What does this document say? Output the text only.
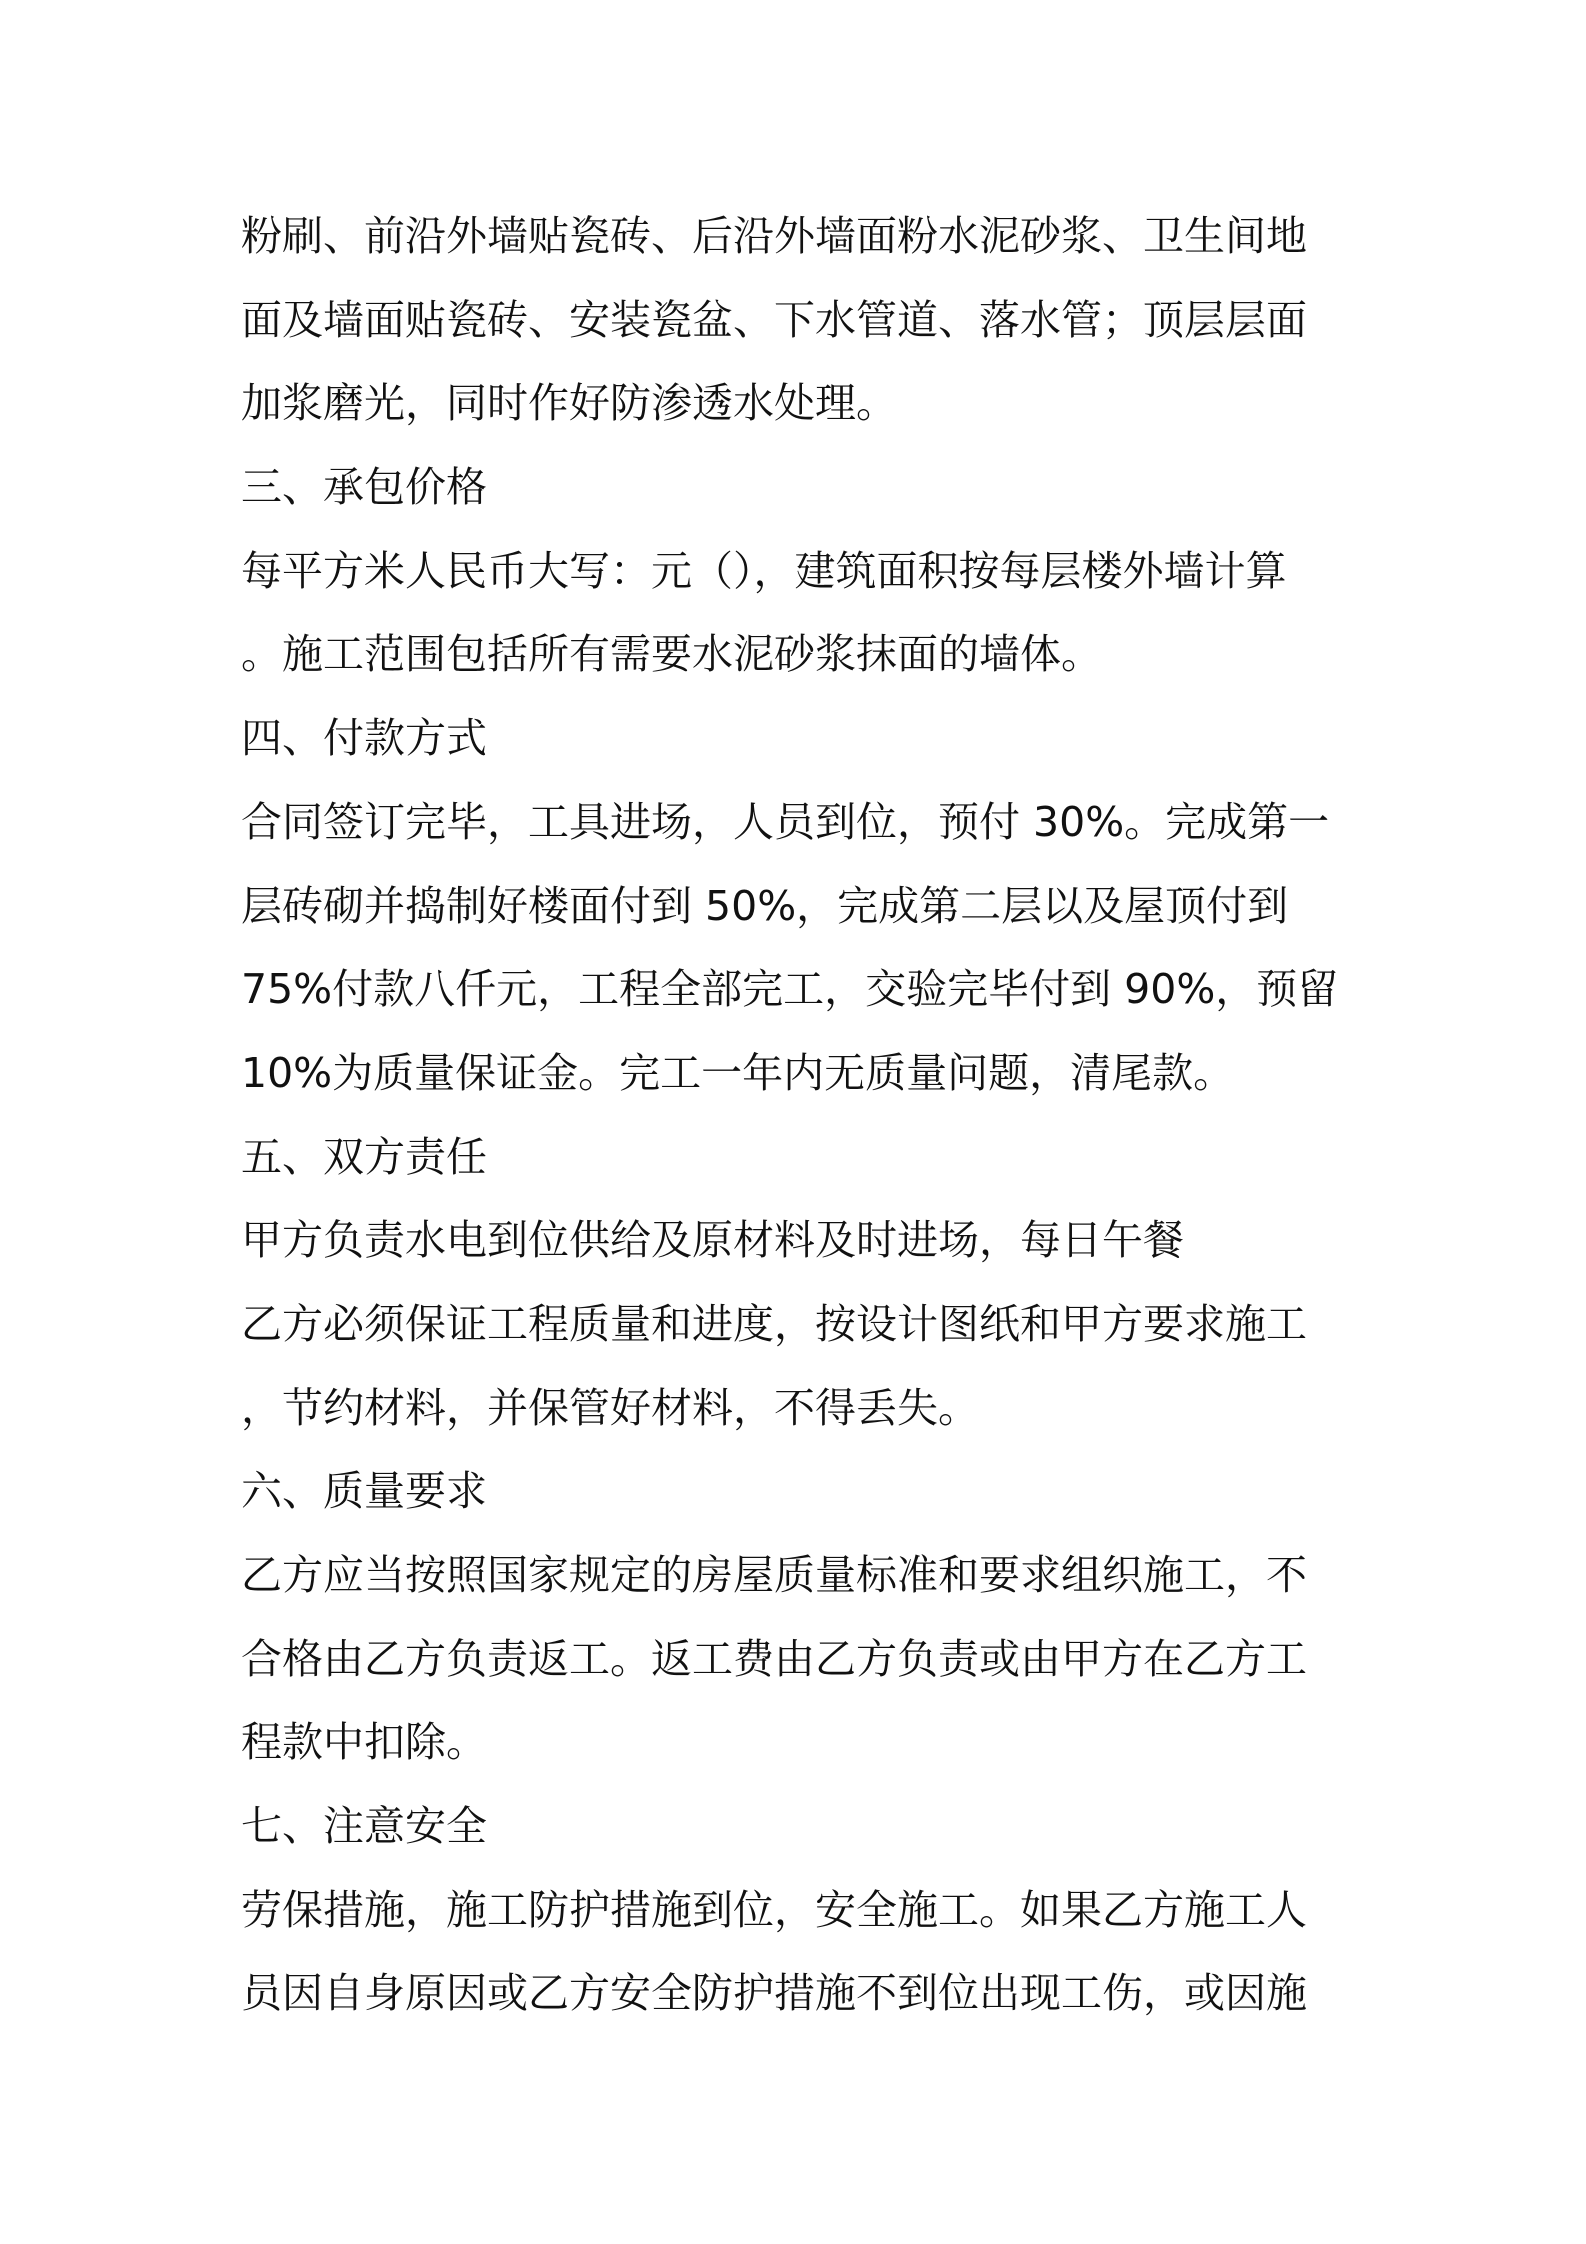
粉刷、前沿外墙贴瓷砖、后沿外墙面粉水泥砂浆、卫生间地
面及墙面贴瓷砖、安装瓷盆、下水管道、落水管；顶层层面
加浆磨光，同时作好防渗透水处理。
三、承包价格
每平方米人民币大写：元（），建筑面积按每层楼外墙计算
。施工范围包括所有需要水泥砂浆抹面的墙体。
四、付款方式
合同签订完毕，工具进场，人员到位，预付 30%。完成第一
层砖砌并捣制好楼面付到 50%，完成第二层以及屋顶付到
75%付款八仟元，工程全部完工，交验完毕付到 90%，预留
10%为质量保证金。完工一年内无质量问题，清尾款。
五、双方责任
甲方负责水电到位供给及原材料及时进场，每日午餐
乙方必须保证工程质量和进度，按设计图纸和甲方要求施工
，节约材料，并保管好材料，不得丢失。
六、质量要求
乙方应当按照国家规定的房屋质量标准和要求组织施工，不
合格由乙方负责返工。返工费由乙方负责或由甲方在乙方工
程款中扣除。
七、注意安全
劳保措施，施工防护措施到位，安全施工。如果乙方施工人
员因自身原因或乙方安全防护措施不到位出现工伤，或因施
